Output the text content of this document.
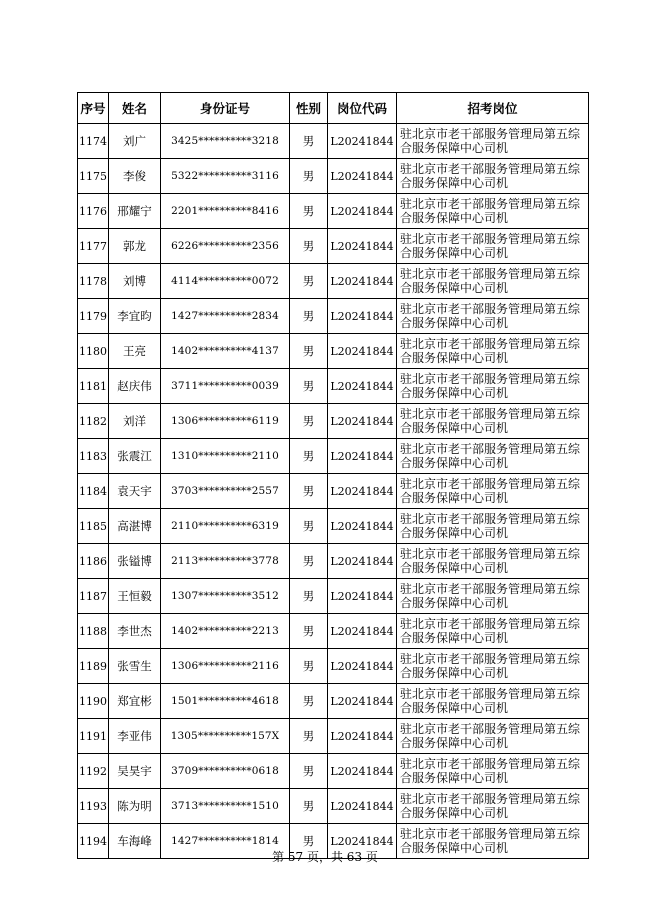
序号	姓名	身份证号	性别	岗位代码	招考岗位
1174	刘广	3425**********3218	男	L20241844	驻北京市老干部服务管理局第五综合服务保障中心司机
1175	李俊	5322**********3116	男	L20241844	驻北京市老干部服务管理局第五综合服务保障中心司机
1176	邢耀宁	2201**********8416	男	L20241844	驻北京市老干部服务管理局第五综合服务保障中心司机
1177	郭龙	6226**********2356	男	L20241844	驻北京市老干部服务管理局第五综合服务保障中心司机
1178	刘博	4114**********0072	男	L20241844	驻北京市老干部服务管理局第五综合服务保障中心司机
1179	李宜昀	1427**********2834	男	L20241844	驻北京市老干部服务管理局第五综合服务保障中心司机
1180	王亮	1402**********4137	男	L20241844	驻北京市老干部服务管理局第五综合服务保障中心司机
1181	赵庆伟	3711**********0039	男	L20241844	驻北京市老干部服务管理局第五综合服务保障中心司机
1182	刘洋	1306**********6119	男	L20241844	驻北京市老干部服务管理局第五综合服务保障中心司机
1183	张震江	1310**********2110	男	L20241844	驻北京市老干部服务管理局第五综合服务保障中心司机
1184	袁天宇	3703**********2557	男	L20241844	驻北京市老干部服务管理局第五综合服务保障中心司机
1185	高湛博	2110**********6319	男	L20241844	驻北京市老干部服务管理局第五综合服务保障中心司机
1186	张镒博	2113**********3778	男	L20241844	驻北京市老干部服务管理局第五综合服务保障中心司机
1187	王恒毅	1307**********3512	男	L20241844	驻北京市老干部服务管理局第五综合服务保障中心司机
1188	李世杰	1402**********2213	男	L20241844	驻北京市老干部服务管理局第五综合服务保障中心司机
1189	张雪生	1306**********2116	男	L20241844	驻北京市老干部服务管理局第五综合服务保障中心司机
1190	郑宜彬	1501**********4618	男	L20241844	驻北京市老干部服务管理局第五综合服务保障中心司机
1191	李亚伟	1305**********157X	男	L20241844	驻北京市老干部服务管理局第五综合服务保障中心司机
1192	吴昊宇	3709**********0618	男	L20241844	驻北京市老干部服务管理局第五综合服务保障中心司机
1193	陈为明	3713**********1510	男	L20241844	驻北京市老干部服务管理局第五综合服务保障中心司机
1194	车海峰	1427**********1814	男	L20241844	驻北京市老干部服务管理局第五综合服务保障中心司机
第 57 页，共 63 页
